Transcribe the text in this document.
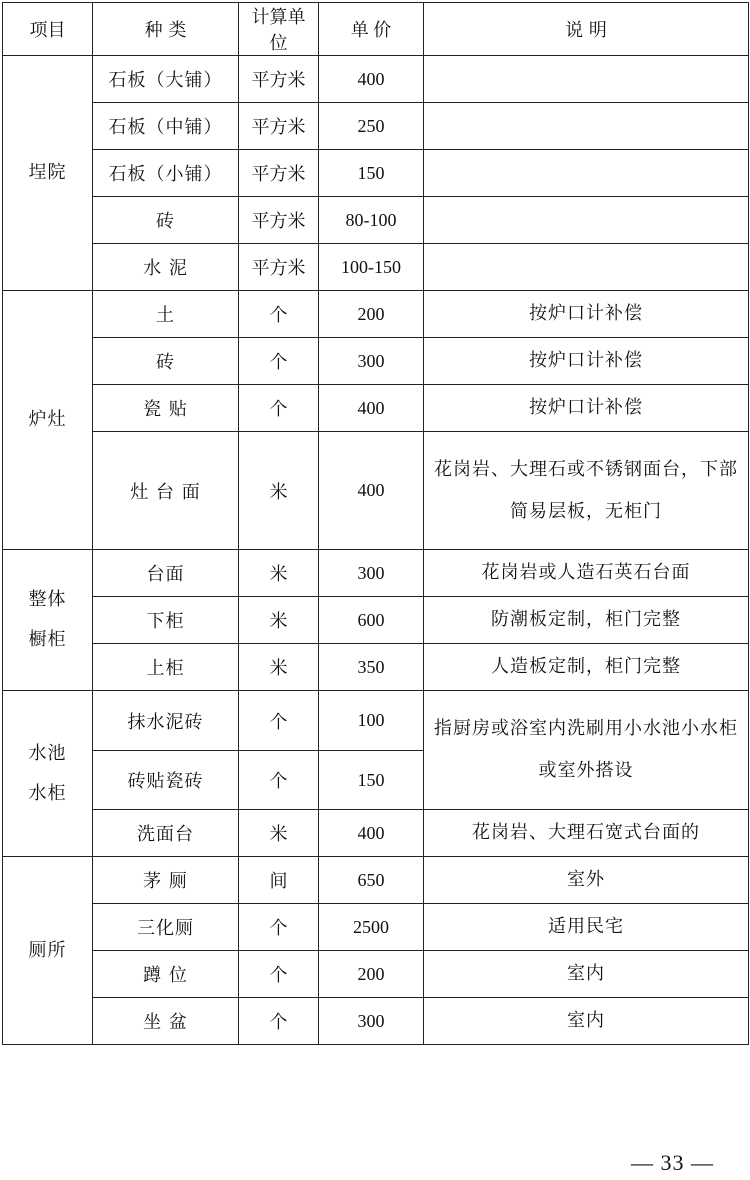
项目	种 类	计算单位	单 价	说 明
埕院	石板（大铺）	平方米	400	
	石板（中铺）	平方米	250	
	石板（小铺）	平方米	150	
	砖	平方米	80-100	
	水 泥	平方米	100-150	
炉灶	土	个	200	按炉口计补偿
	砖	个	300	按炉口计补偿
	瓷 贴	个	400	按炉口计补偿
	灶 台 面	米	400	花岗岩、大理石或不锈钢面台，下部简易层板，无柜门
整体
橱柜	台面	米	300	花岗岩或人造石英石台面
	下柜	米	600	防潮板定制，柜门完整
	上柜	米	350	人造板定制，柜门完整
水池
水柜	抹水泥砖	个	100	指厨房或浴室内洗刷用小水池小水柜或室外搭设
	砖贴瓷砖	个	150	
	洗面台	米	400	花岗岩、大理石宽式台面的
厕所	茅 厕	间	650	室外
	三化厕	个	2500	适用民宅
	蹲 位	个	200	室内
	坐 盆	个	300	室内
— 33 —
